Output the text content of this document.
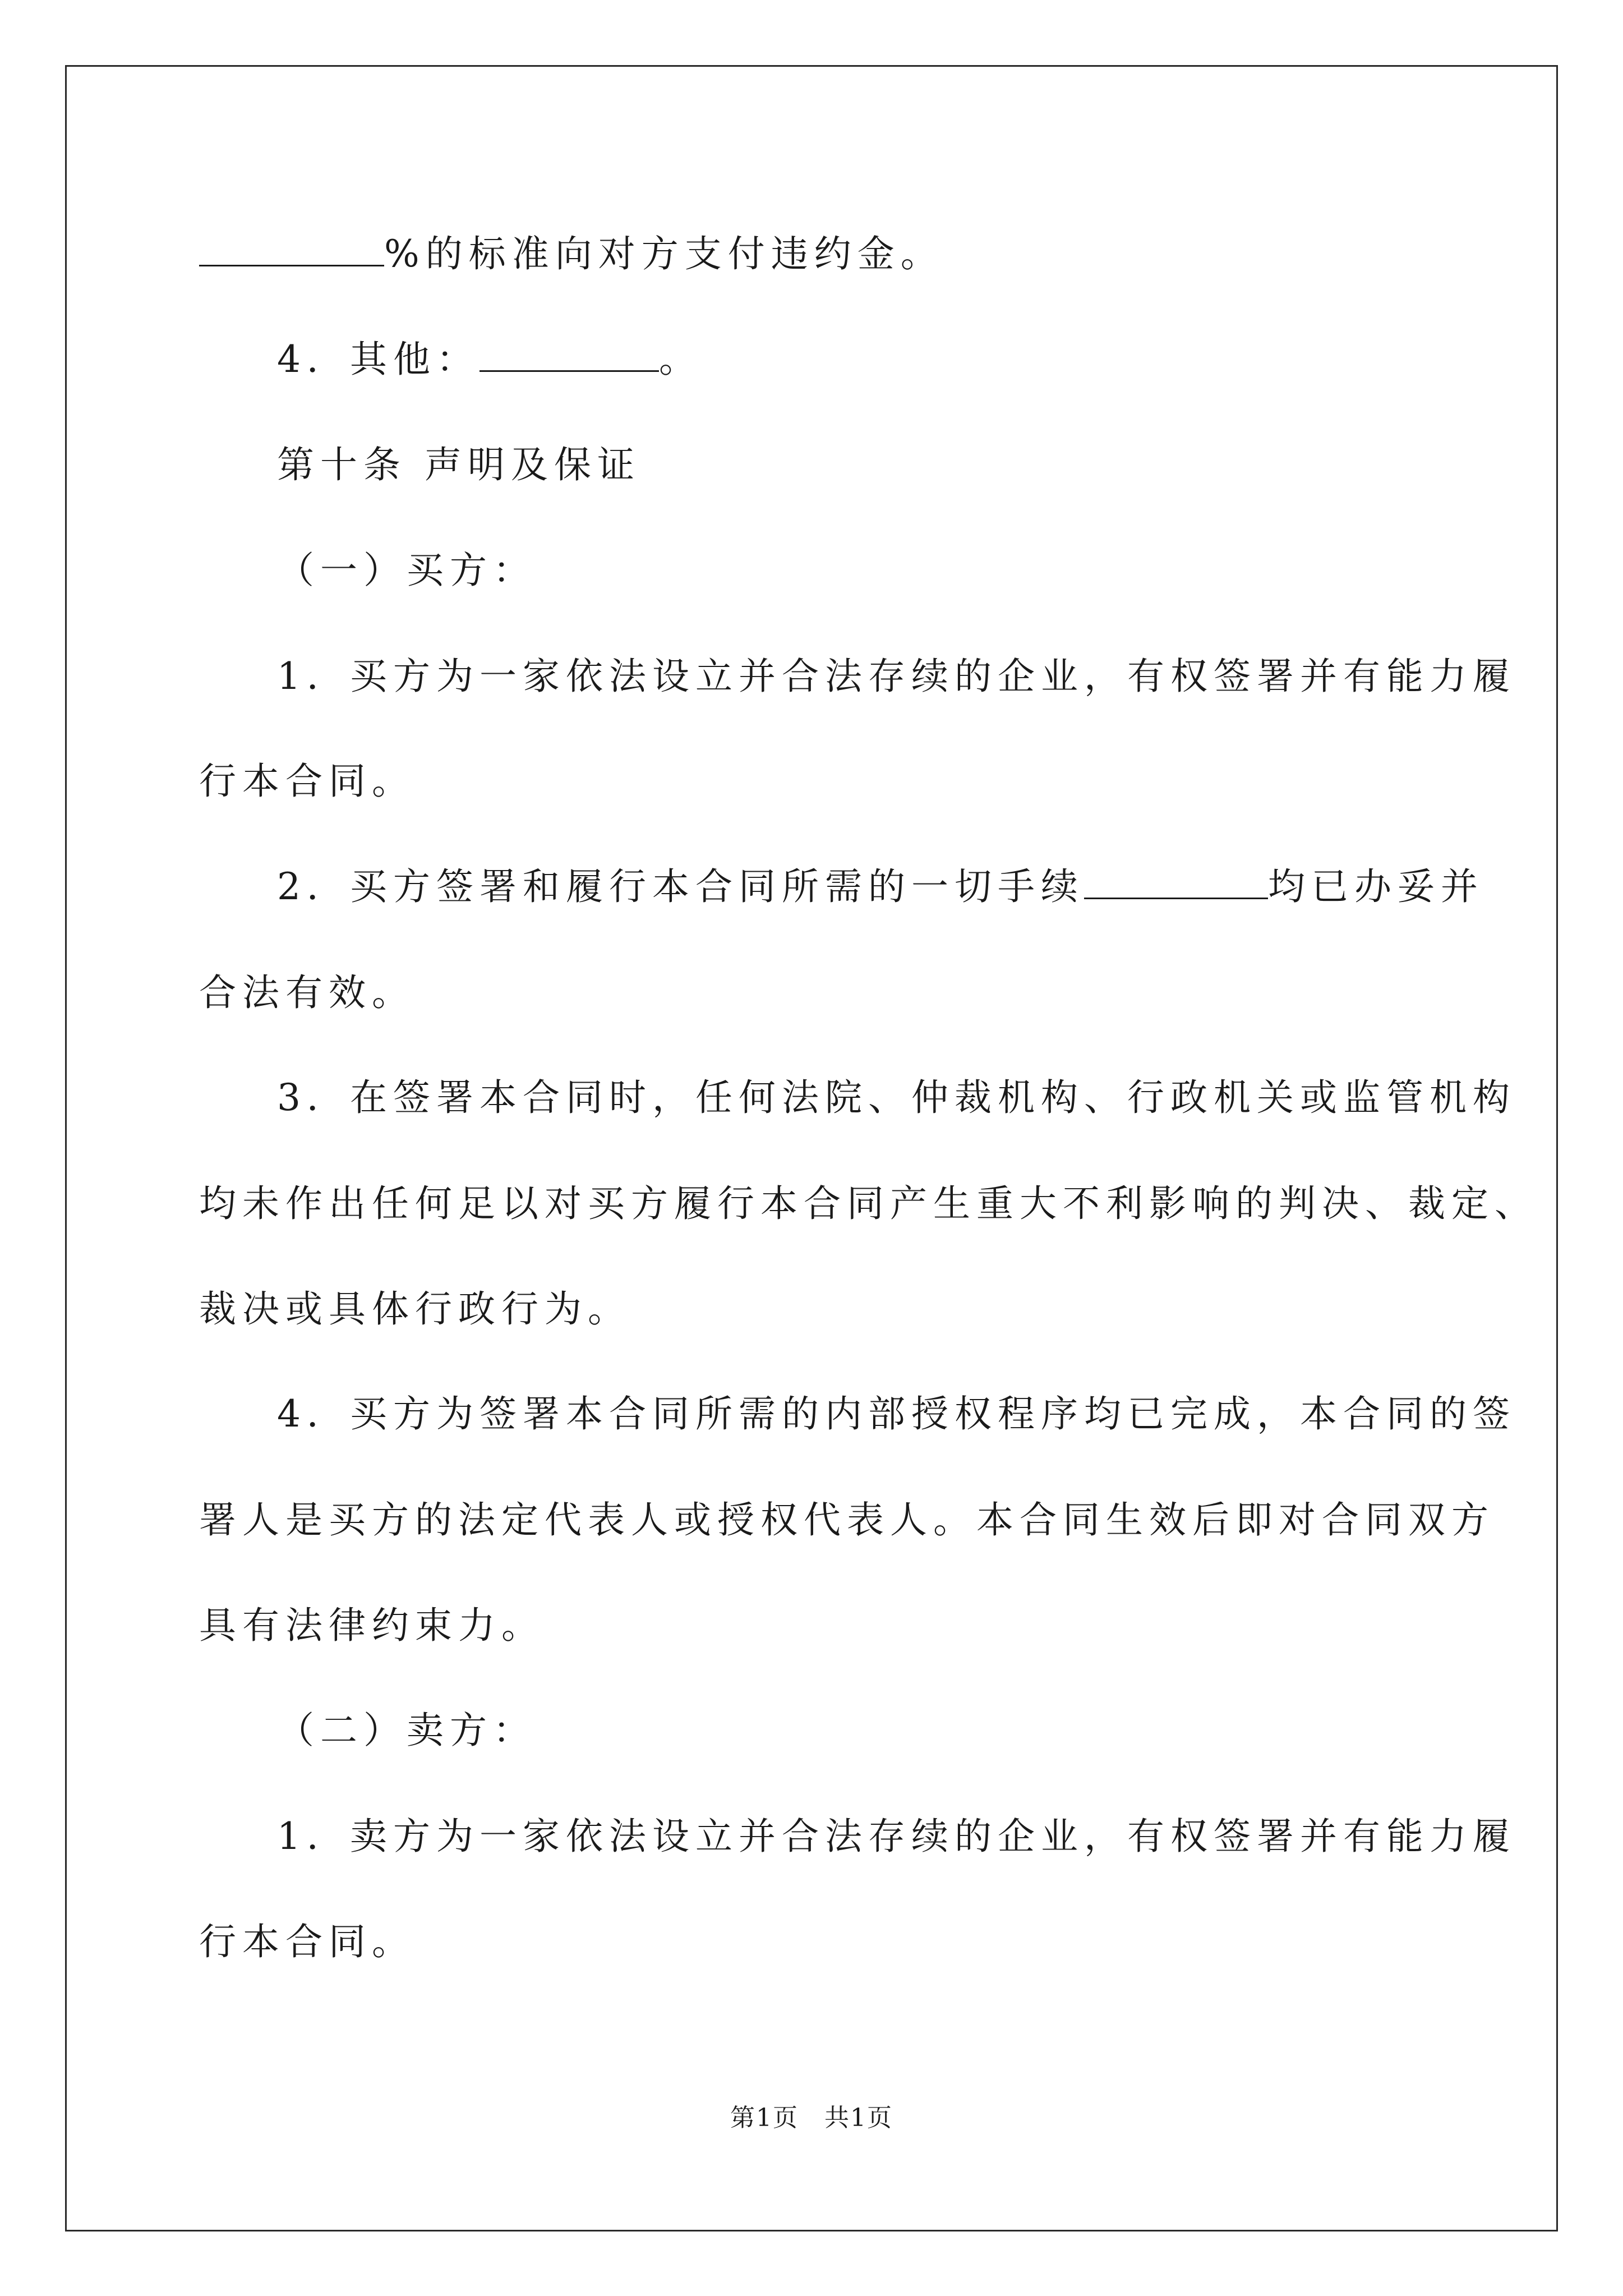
%的标准向对方支付违约金。
4．其他：	。
第十条 声明及保证
（一）买方：
1．买方为一家依法设立并合法存续的企业，有权签署并有能力履
行本合同。
2．买方签署和履行本合同所需的一切手续	均已办妥并
合法有效。
3．在签署本合同时，任何法院、仲裁机构、行政机关或监管机构
均未作出任何足以对买方履行本合同产生重大不利影响的判决、裁定、
裁决或具体行政行为。
4．买方为签署本合同所需的内部授权程序均已完成，本合同的签
署人是买方的法定代表人或授权代表人。本合同生效后即对合同双方
具有法律约束力。
（二）卖方：
1．卖方为一家依法设立并合法存续的企业，有权签署并有能力履
行本合同。
第1页　共1页
